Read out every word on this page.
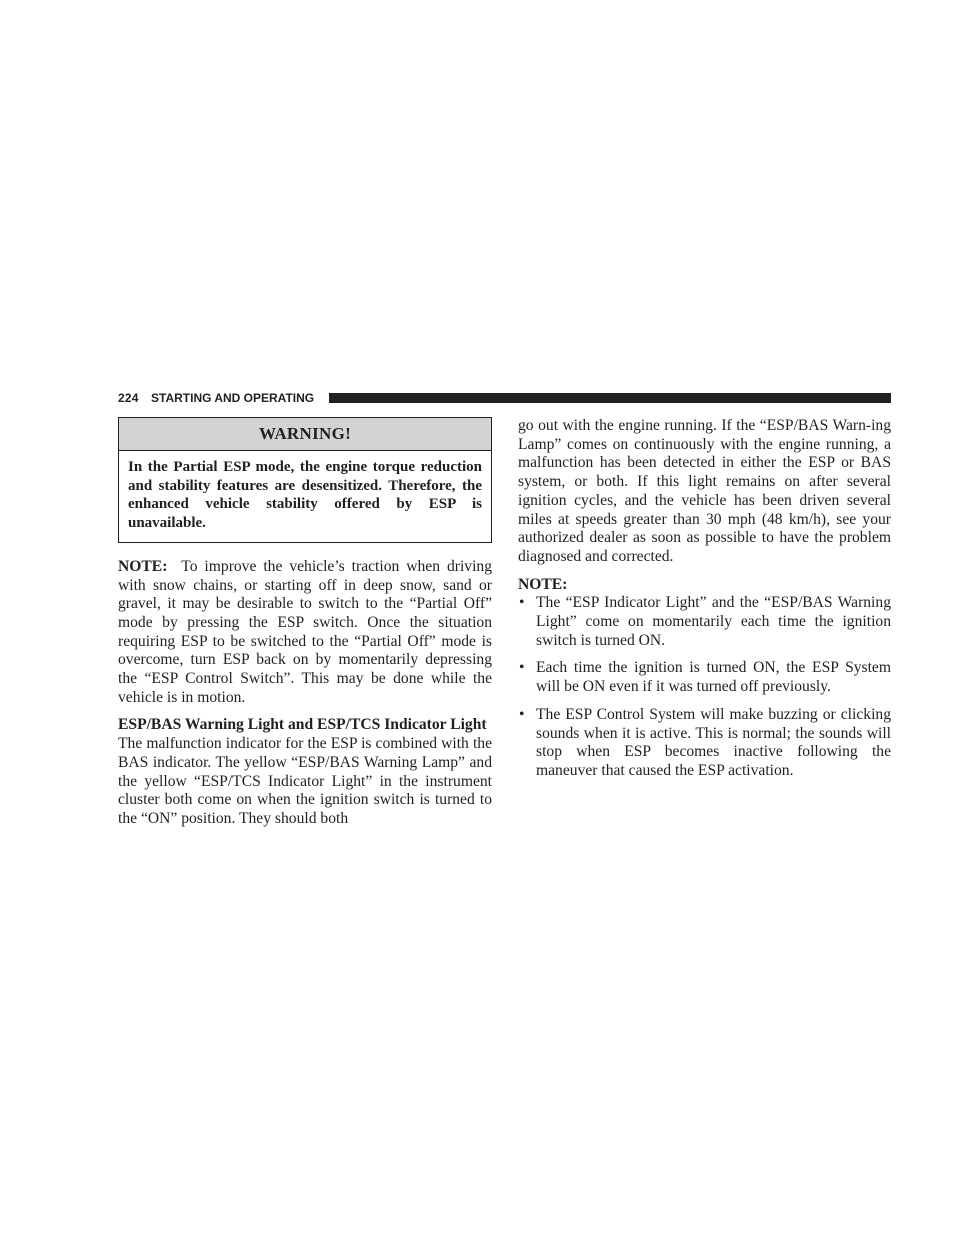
224 STARTING AND OPERATING
WARNING!
In the Partial ESP mode, the engine torque reduction and stability features are desensitized. Therefore, the enhanced vehicle stability offered by ESP is unavailable.

NOTE: To improve the vehicle’s traction when driving with snow chains, or starting off in deep snow, sand or gravel, it may be desirable to switch to the “Partial Off” mode by pressing the ESP switch. Once the situation requiring ESP to be switched to the “Partial Off” mode is overcome, turn ESP back on by momentarily depressing the “ESP Control Switch”. This may be done while the vehicle is in motion.

ESP/BAS Warning Light and ESP/TCS Indicator Light

The malfunction indicator for the ESP is combined with the BAS indicator. The yellow “ESP/BAS Warning Lamp” and the yellow “ESP/TCS Indicator Light” in the instrument cluster both come on when the ignition switch is turned to the “ON” position. They should both

go out with the engine running. If the “ESP/BAS Warn-ing Lamp” comes on continuously with the engine running, a malfunction has been detected in either the ESP or BAS system, or both. If this light remains on after several ignition cycles, and the vehicle has been driven several miles at speeds greater than 30 mph (48 km/h), see your authorized dealer as soon as possible to have the problem diagnosed and corrected.

NOTE:
• The “ESP Indicator Light” and the “ESP/BAS Warning Light” come on momentarily each time the ignition switch is turned ON.
• Each time the ignition is turned ON, the ESP System will be ON even if it was turned off previously.
• The ESP Control System will make buzzing or clicking sounds when it is active. This is normal; the sounds will stop when ESP becomes inactive following the maneuver that caused the ESP activation.
